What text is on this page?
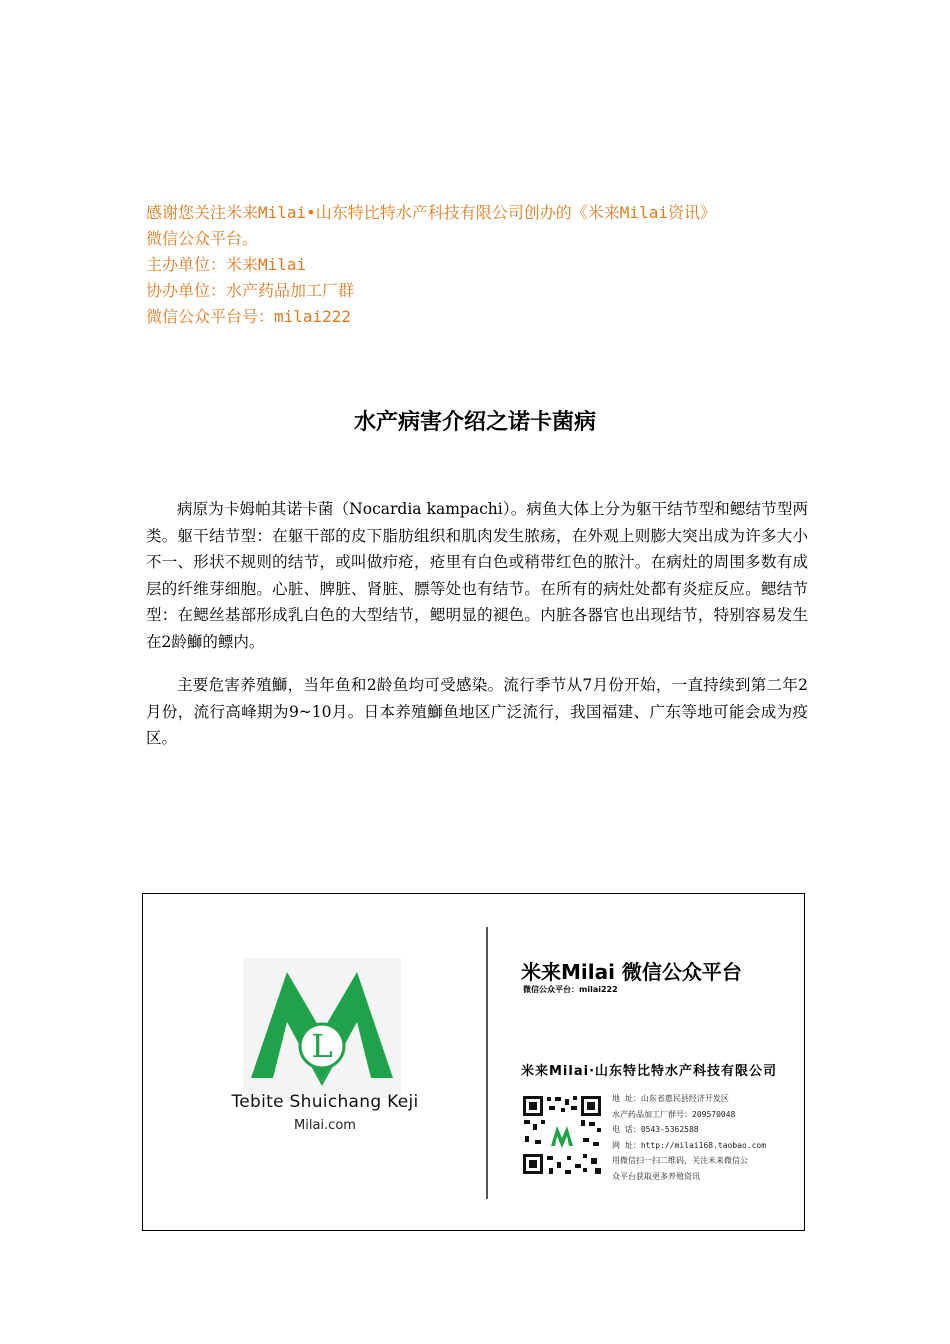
感谢您关注米来Milai•山东特比特水产科技有限公司创办的《米来Milai资讯》
微信公众平台。
主办单位：米来Milai
协办单位：水产药品加工厂群
微信公众平台号：milai222
水产病害介绍之诺卡菌病
病原为卡姆帕其诺卡菌（Nocardia kampachi）。病鱼大体上分为躯干结节型和鳃结节型两类。躯干结节型：在躯干部的皮下脂肪组织和肌肉发生脓疡，在外观上则膨大突出成为许多大小不一、形状不规则的结节，或叫做疖疮，疮里有白色或稍带红色的脓汁。在病灶的周围多数有成层的纤维芽细胞。心脏、脾脏、肾脏、膘等处也有结节。在所有的病灶处都有炎症反应。鳃结节型：在鳃丝基部形成乳白色的大型结节，鳃明显的褪色。内脏各器官也出现结节，特别容易发生在2龄鰤的鳔内。
主要危害养殖鰤，当年鱼和2龄鱼均可受感染。流行季节从7月份开始，一直持续到第二年2月份，流行高峰期为9~10月。日本养殖鰤鱼地区广泛流行，我国福建、广东等地可能会成为疫区。
L
Tebite Shuichang Keji
Milai.com
米来Milai 微信公众平台
微信公众平台：milai222
米来Milai·山东特比特水产科技有限公司
地 址：山东省惠民县经济开发区
水产药品加工厂群号：209570048
电 话：0543-5362588
网 址：http://milai168.taobao.com
用微信扫一扫二维码，关注米来微信公
众平台获取更多养殖资讯
